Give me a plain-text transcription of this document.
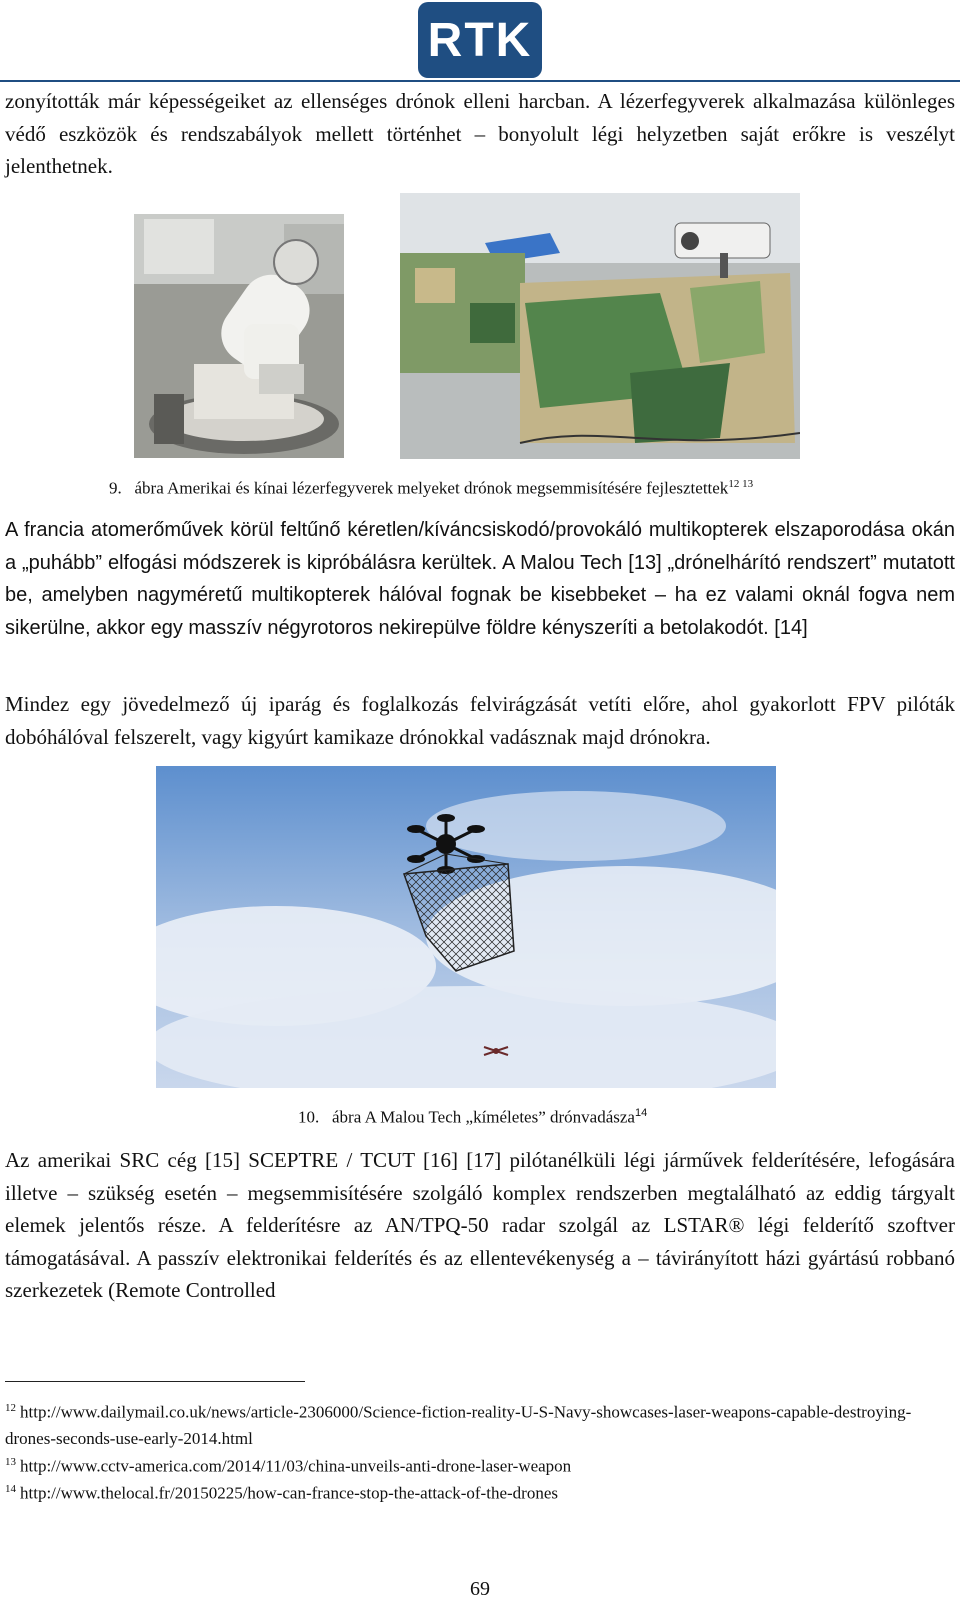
RTK

zonyították már képességeiket az ellenséges drónok elleni harcban. A lézerfegyverek alkalmazása különleges védő eszközök és rendszabályok mellett történhet – bonyolult légi helyzetben saját erőkre is veszélyt jelenthetnek.

9. ábra Amerikai és kínai lézerfegyverek melyeket drónok megsemmisítésére fejlesztettek$^{12 13}$

A francia atomerőművek körül feltűnő kéretlen/kíváncsiskodó/provokáló multikopterek elszaporodása okán a „puhább” elfogási módszerek is kipróbálásra kerültek. A Malou Tech [13] „drónelhárító rendszert” mutatott be, amelyben nagyméretű multikopterek hálóval fognak be kisebbeket – ha ez valami oknál fogva nem sikerülne, akkor egy masszív négyrotoros nekirepülve földre kényszeríti a betolakodót. [14]

Mindez egy jövedelmező új iparág és foglalkozás felvirágzását vetíti előre, ahol gyakorlott FPV pilóták dobóhálóval felszerelt, vagy kigyúrt kamikaze drónokkal vadásznak majd drónokra.

10. ábra A Malou Tech „kíméletes” drónvadásza$^{14}$

Az amerikai SRC cég [15] SCEPTRE / TCUT [16] [17] pilótanélküli légi járművek felderítésére, lefogására illetve – szükség esetén – megsemmisítésére szolgáló komplex rendszerben megtalálható az eddig tárgyalt elemek jelentős része. A felderítésre az AN/TPQ-50 radar szolgál az LSTAR® légi felderítő szoftver támogatásával. A passzív elektronikai felderítés és az ellentevékenység a – távirányított házi gyártású robbanó szerkezetek (Remote Controlled

$^{12}$ http://www.dailymail.co.uk/news/article-2306000/Science-fiction-reality-U-S-Navy-showcases-laser-weapons-capable-destroying-drones-seconds-use-early-2014.html

$^{13}$ http://www.cctv-america.com/2014/11/03/china-unveils-anti-drone-laser-weapon

$^{14}$ http://www.thelocal.fr/20150225/how-can-france-stop-the-attack-of-the-drones

69
